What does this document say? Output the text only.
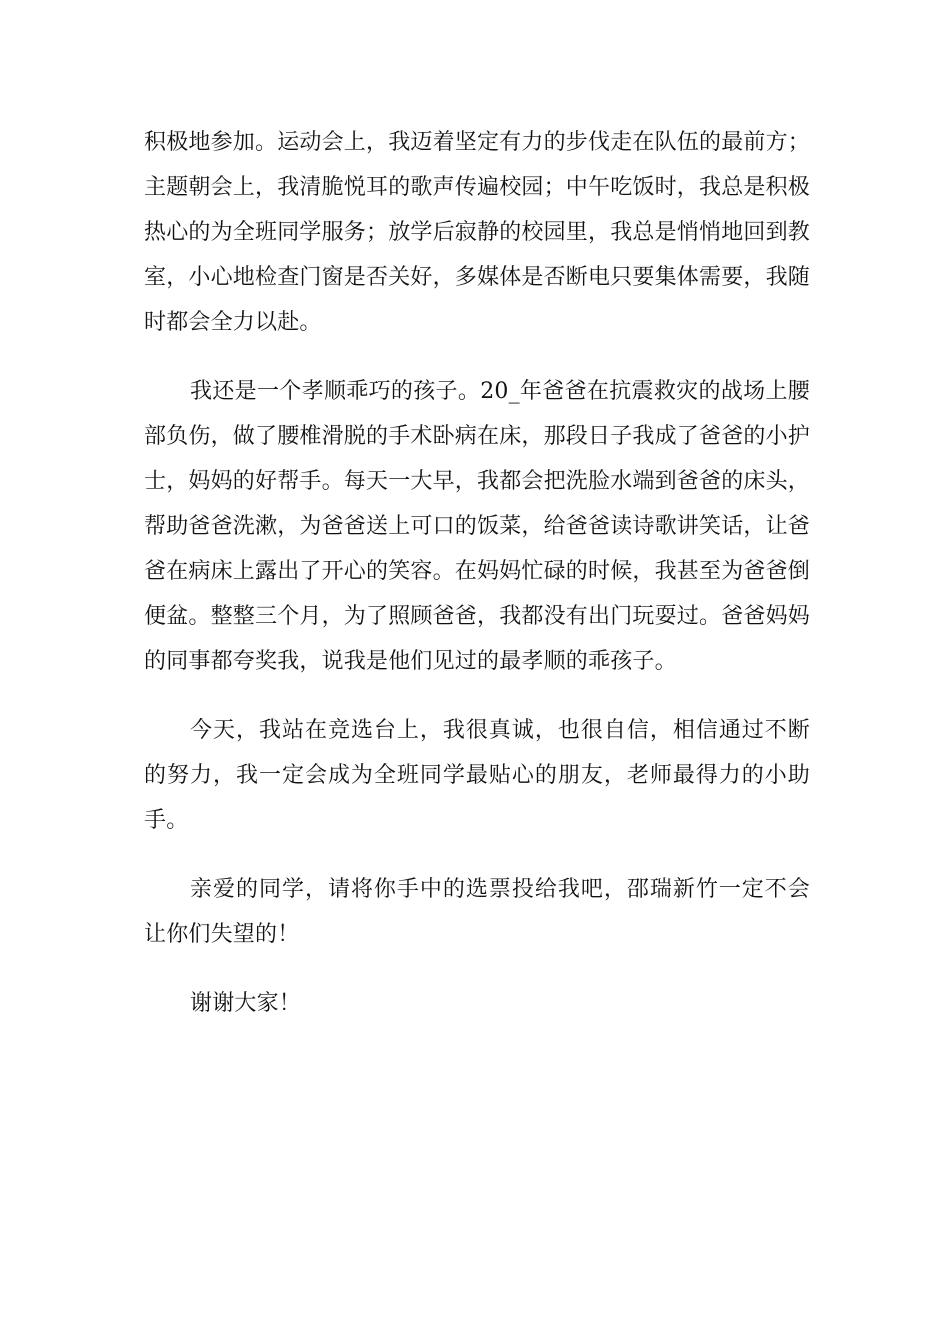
积极地参加。运动会上，我迈着坚定有力的步伐走在队伍的最前方；主题朝会上，我清脆悦耳的歌声传遍校园；中午吃饭时，我总是积极热心的为全班同学服务；放学后寂静的校园里，我总是悄悄地回到教室，小心地检查门窗是否关好，多媒体是否断电只要集体需要，我随时都会全力以赴。

我还是一个孝顺乖巧的孩子。20_年爸爸在抗震救灾的战场上腰部负伤，做了腰椎滑脱的手术卧病在床，那段日子我成了爸爸的小护士，妈妈的好帮手。每天一大早，我都会把洗脸水端到爸爸的床头，帮助爸爸洗漱，为爸爸送上可口的饭菜，给爸爸读诗歌讲笑话，让爸爸在病床上露出了开心的笑容。在妈妈忙碌的时候，我甚至为爸爸倒便盆。整整三个月，为了照顾爸爸，我都没有出门玩耍过。爸爸妈妈的同事都夸奖我，说我是他们见过的最孝顺的乖孩子。

今天，我站在竞选台上，我很真诚，也很自信，相信通过不断的努力，我一定会成为全班同学最贴心的朋友，老师最得力的小助手。

亲爱的同学，请将你手中的选票投给我吧，邵瑞新竹一定不会让你们失望的！

谢谢大家！
